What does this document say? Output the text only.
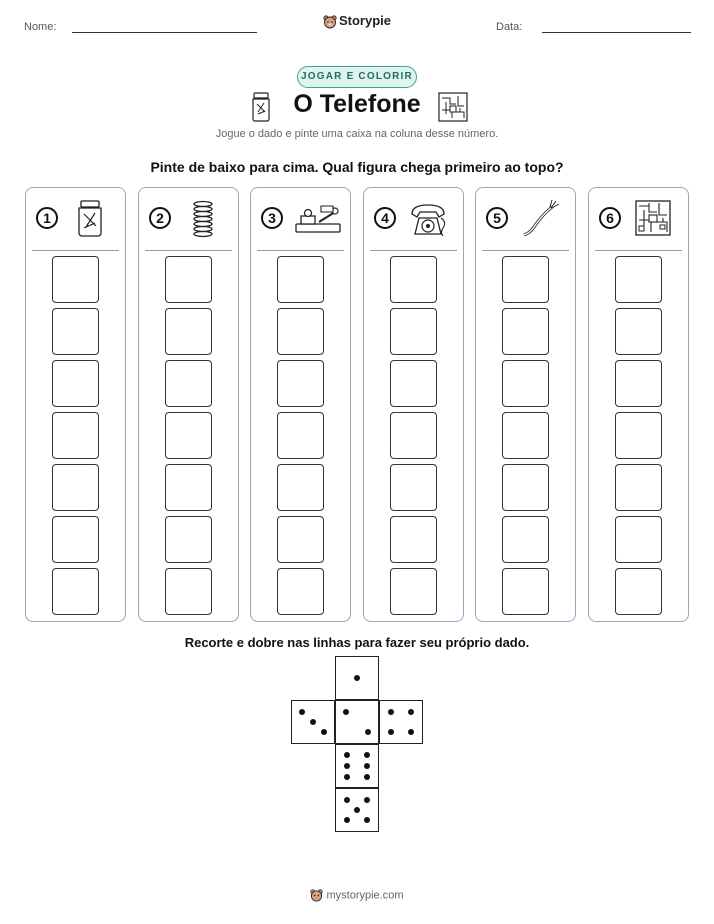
Nome:	Data:
Storypie
JOGAR E COLORIR
O Telefone
Jogue o dado e pinte uma caixa na coluna desse número.
Pinte de baixo para cima. Qual figura chega primeiro ao topo?
1	2	3	4	5	6
Recorte e dobre nas linhas para fazer seu próprio dado.
mystorypie.com
